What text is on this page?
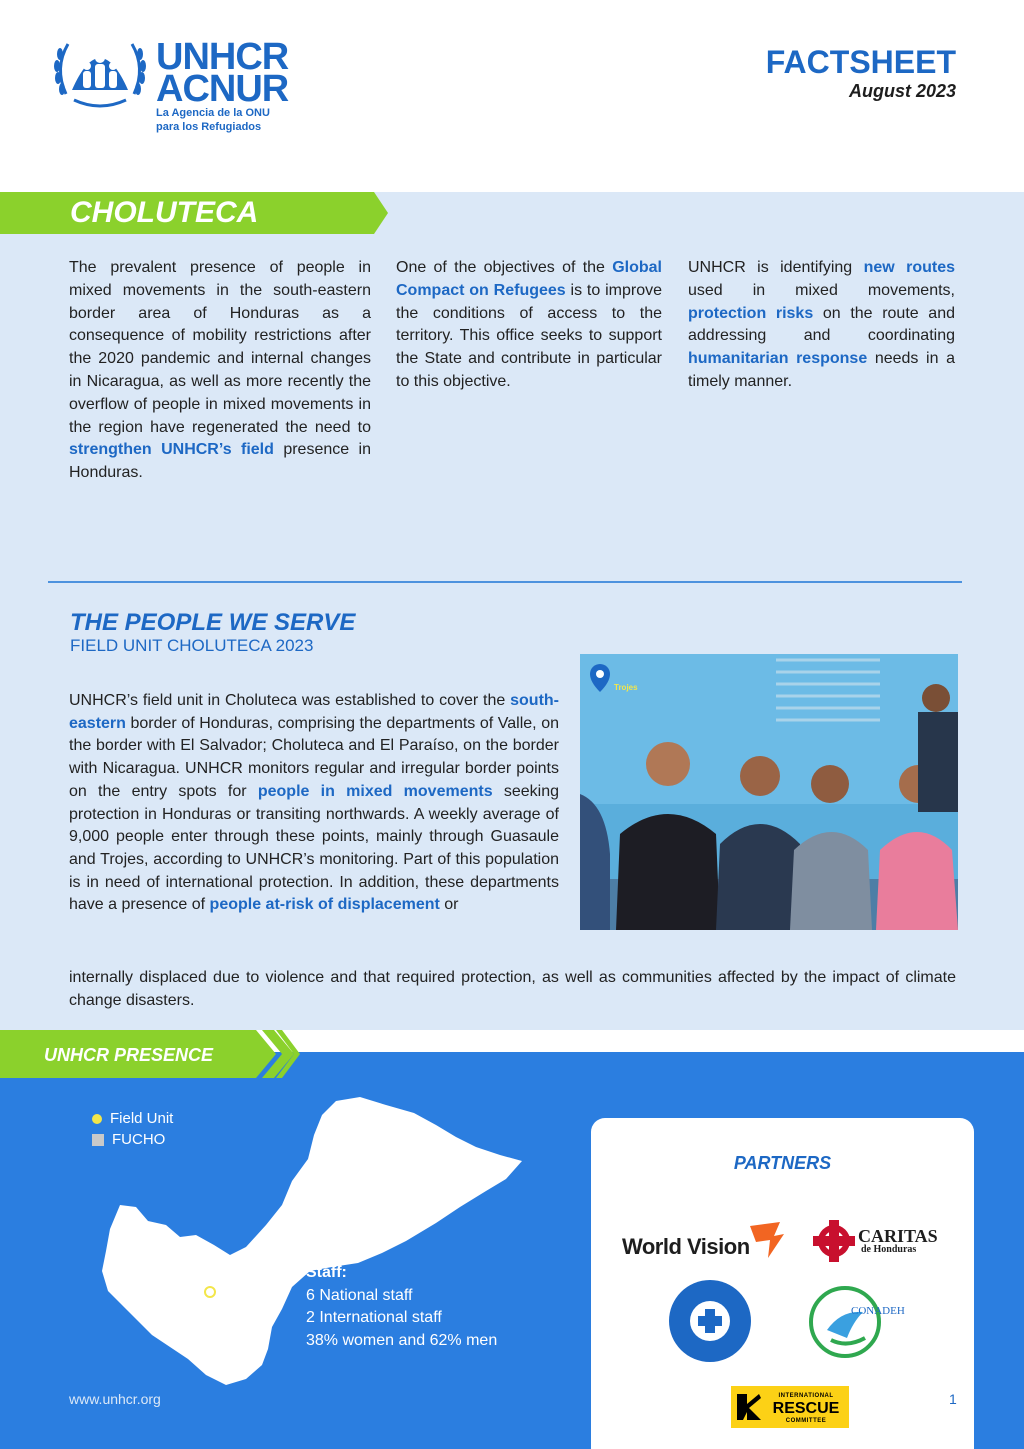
UNHCR
ACNUR
La Agencia de la ONU
para los Refugiados
FACTSHEET
August 2023
CHOLUTECA
The prevalent presence of people in mixed movements in the south-eastern border area of Honduras as a consequence of mobility restrictions after the 2020 pandemic and internal changes in Nicaragua, as well as more recently the overflow of people in mixed movements in the region have regenerated the need to strengthen UNHCR’s field presence in Honduras.
One of the objectives of the Global Compact on Refugees is to improve the conditions of access to the territory. This office seeks to support the State and contribute in particular to this objective.
UNHCR is identifying new routes used in mixed movements, protection risks on the route and addressing and coordinating humanitarian response needs in a timely manner.
THE PEOPLE WE SERVE
FIELD UNIT CHOLUTECA 2023
Trojes
UNHCR’s field unit in Choluteca was established to cover the south-eastern border of Honduras, comprising the departments of Valle, on the border with El Salvador; Choluteca and El Paraíso, on the border with Nicaragua. UNHCR monitors regular and irregular border points on the entry spots for people in mixed movements seeking protection in Honduras or transiting northwards. A weekly average of 9,000 people enter through these points, mainly through Guasaule and Trojes, according to UNHCR’s monitoring. Part of this population is in need of international protection. In addition, these departments have a presence of people at-risk of displacement or
internally displaced due to violence and that required protection, as well as communities affected by the impact of climate change disasters.
UNHCR PRESENCE
Field Unit
FUCHO
Staff:
6 National staff
2 International staff
38% women and 62% men
www.unhcr.org
PARTNERS
World Vision	CARITAS
de Honduras
CONADEH
INTERNATIONAL
RESCUE
COMMITTEE
1
